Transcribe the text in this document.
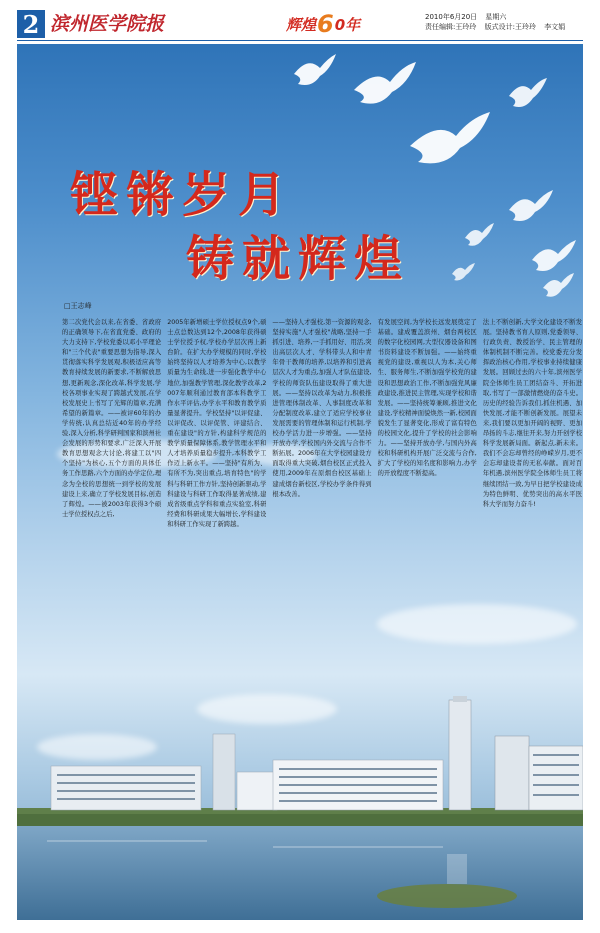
2 滨州医学院报	辉煌 6 0年	2010年6月20日 星期六
责任编辑:王玲玲 版式设计:王玲玲 李文娟
铿锵岁月
铸就辉煌
□王志峰
第二次党代会以来,在省委、省政府的正确领导下,在省直党委、政府的大力支持下,学校党委以邓小平理论和"三个代表"重要思想为指导,深入贯彻落实科学发展观,积极适应高等教育持续发展的新要求,不断解放思想,更新观念,深化改革,科学发展,学校各项事业实现了跨越式发展,在学校发展史上书写了光辉的篇章,充满希望的新篇章。——被评60年的办学传统,认真总结近40年的办学经验,深入分析,科学研判国家和滨州社会发展的形势和要求,广泛深入开展教育思想观念大讨论,将建工以"四个坚持"为核心,五个方面的具体任务工作思路,六个方面的办学定位,理念为全校的思想统一到学校的发展建设上来,确立了学校发展目标,创造了辉煌。——被2003年获得3个硕士学位授权点之后,
2005年新增硕士学位授权点9个,硕士点总数达到12个,2008年获得硕士学位授予权,学校办学层次再上新台阶。在扩大办学规模的同时,学校始终坚持以人才培养为中心,以教学质量为生命线,进一步强化教学中心地位,加强教学管理,深化教学改革,2007年顺利通过教育部本科教学工作水平评估,办学水平和教育教学质量显著提升。学校坚持"以评促建、以评促改、以评促管、评建结合、重在建设"的方针,构建科学规范的教学质量保障体系,教学管理水平和人才培养质量稳步提升,本科教学工作迈上新水平。——坚持"有所为、有所不为,突出重点,培育特色"的学科与科研工作方针,坚持创新驱动,学科建设与科研工作取得显著成绩,建成省级重点学科和重点实验室,科研经费和科研成果大幅增长,学科建设和科研工作实现了新跨越。
——坚持人才强校,第一资源的观念,坚持实施"人才强校"战略,坚持一手抓引进、培养,一手抓用好、用活,突出高层次人才、学科带头人和中青年骨干教师的培养,以培养和引进高层次人才为重点,加强人才队伍建设,学校的师资队伍建设取得了重大进展。——坚持以改革为动力,积极推进管理体制改革、人事制度改革和分配制度改革,建立了适应学校事业发展需要的管理体制和运行机制,学校办学活力进一步增强。——坚持开放办学,学校国内外交流与合作不断拓展。2006年在大学校园建设方面取得重大突破,烟台校区正式投入使用,2009年在原烟台校区基础上建成烟台新校区,学校办学条件得到根本改善。
有发展空间,为学校长远发展奠定了基础。建成覆盖滨州、烟台两校区的数字化校园网,大型仪器设备和图书资料建设不断加强。——始终重视党的建设,重视以人为本,关心师生、服务师生,不断加强学校党的建设和思想政治工作,不断加强党风廉政建设,推进民主管理,实现学校和谐发展。——坚持统筹兼顾,推进文化建设,学校精神面貌焕然一新,校园面貌发生了显著变化,形成了富有特色的校园文化,提升了学校的社会影响力。——坚持开放办学,与国内外高校和科研机构开展广泛交流与合作,扩大了学校的知名度和影响力,办学的开放程度不断提高。
法上不断创新,大学文化建设不断发展。坚持教书育人原则,党委领导、行政负责、教授治学、民主管理的体制机制不断完善。校党委充分发挥政治核心作用,学校事业持续健康发展。回顾过去的六十年,滨州医学院全体师生员工团结奋斗、开拓进取,书写了一部激情燃烧的奋斗史。历史的经验告诉我们,抓住机遇、加快发展,才能不断创新发展。展望未来,我们要以更加开阔的视野、更加昂扬的斗志,继往开来,努力开创学校科学发展新局面。新起点,新未来。我们不会忘却曾经的峥嵘岁月,更不会忘却建设者的无私奉献。面对百年机遇,滨州医学院全体师生员工将继续团结一致,为早日把学校建设成为特色鲜明、优势突出的高水平医科大学而努力奋斗!
